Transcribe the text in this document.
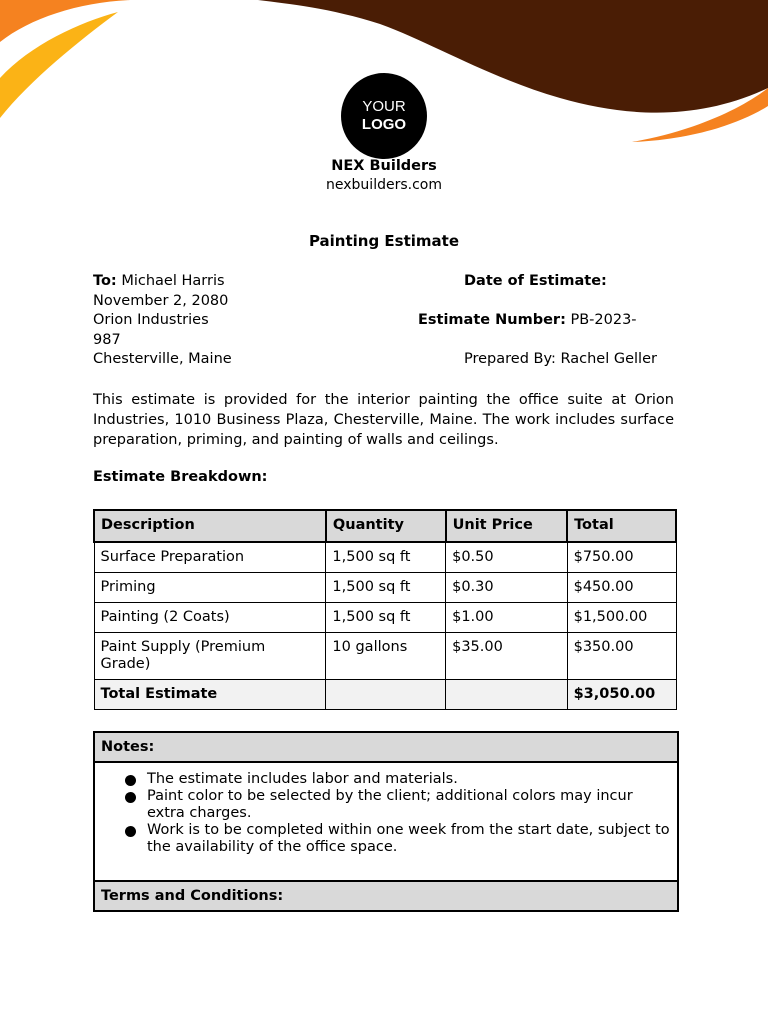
YOUR
LOGO
NEX Builders
nexbuilders.com
Painting Estimate
To: Michael Harris
November 2, 2080
Orion Industries
987
Chesterville, Maine
Date of Estimate:
Estimate Number: PB-2023-
Prepared By: Rachel Geller
This estimate is provided for the interior painting the office suite at Orion Industries, 1010 Business Plaza, Chesterville, Maine. The work includes surface preparation, priming, and painting of walls and ceilings.
Estimate Breakdown:
Description	Quantity	Unit Price	Total
Surface Preparation	1,500 sq ft	$0.50	$750.00
Priming	1,500 sq ft	$0.30	$450.00
Painting (2 Coats)	1,500 sq ft	$1.00	$1,500.00
Paint Supply (Premium Grade)	10 gallons	$35.00	$350.00
Total Estimate			$3,050.00
Notes:
The estimate includes labor and materials.
Paint color to be selected by the client; additional colors may incur extra charges.
Work is to be completed within one week from the start date, subject to the availability of the office space.
Terms and Conditions:
